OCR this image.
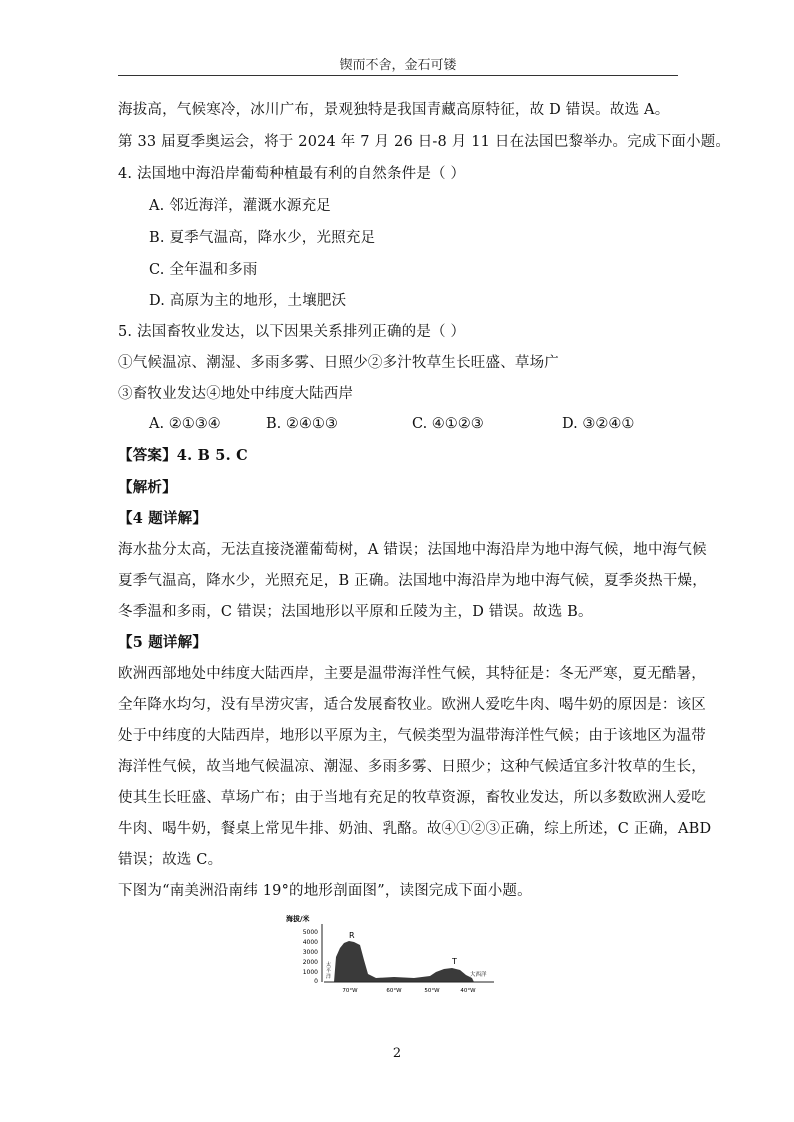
锲而不舍，金石可镂
海拔高，气候寒冷，冰川广布，景观独特是我国青藏高原特征，故 D 错误。故选 A。
第 33 届夏季奥运会，将于 2024 年 7 月 26 日-8 月 11 日在法国巴黎举办。完成下面小题。
4. 法国地中海沿岸葡萄种植最有利的自然条件是（ ）
A. 邻近海洋，灌溉水源充足
B. 夏季气温高，降水少，光照充足
C. 全年温和多雨
D. 高原为主的地形，土壤肥沃
5. 法国畜牧业发达，以下因果关系排列正确的是（ ）
①气候温凉、潮湿、多雨多雾、日照少②多汁牧草生长旺盛、草场广
③畜牧业发达④地处中纬度大陆西岸
A. ②①③④	B. ②④①③	C. ④①②③	D. ③②④①
【答案】4. B 5. C
【解析】
【4 题详解】
海水盐分太高，无法直接浇灌葡萄树，A 错误；法国地中海沿岸为地中海气候，地中海气候
夏季气温高，降水少，光照充足，B 正确。法国地中海沿岸为地中海气候，夏季炎热干燥，
冬季温和多雨，C 错误；法国地形以平原和丘陵为主，D 错误。故选 B。
【5 题详解】
欧洲西部地处中纬度大陆西岸，主要是温带海洋性气候，其特征是：冬无严寒，夏无酷暑，
全年降水均匀，没有旱涝灾害，适合发展畜牧业。欧洲人爱吃牛肉、喝牛奶的原因是：该区
处于中纬度的大陆西岸，地形以平原为主，气候类型为温带海洋性气候；由于该地区为温带
海洋性气候，故当地气候温凉、潮湿、多雨多雾、日照少；这种气候适宜多汁牧草的生长，
使其生长旺盛、草场广布；由于当地有充足的牧草资源，畜牧业发达，所以多数欧洲人爱吃
牛肉、喝牛奶，餐桌上常见牛排、奶油、乳酪。故④①②③正确，综上所述，C 正确，ABD
错误；故选 C。
下图为“南美洲沿南纬 19°的地形剖面图”，读图完成下面小题。
海拔/米
5000
4000
3000
2000
1000
0
R
T
太
平
洋	大西洋
70°W	60°W	50°W	40°W
2
